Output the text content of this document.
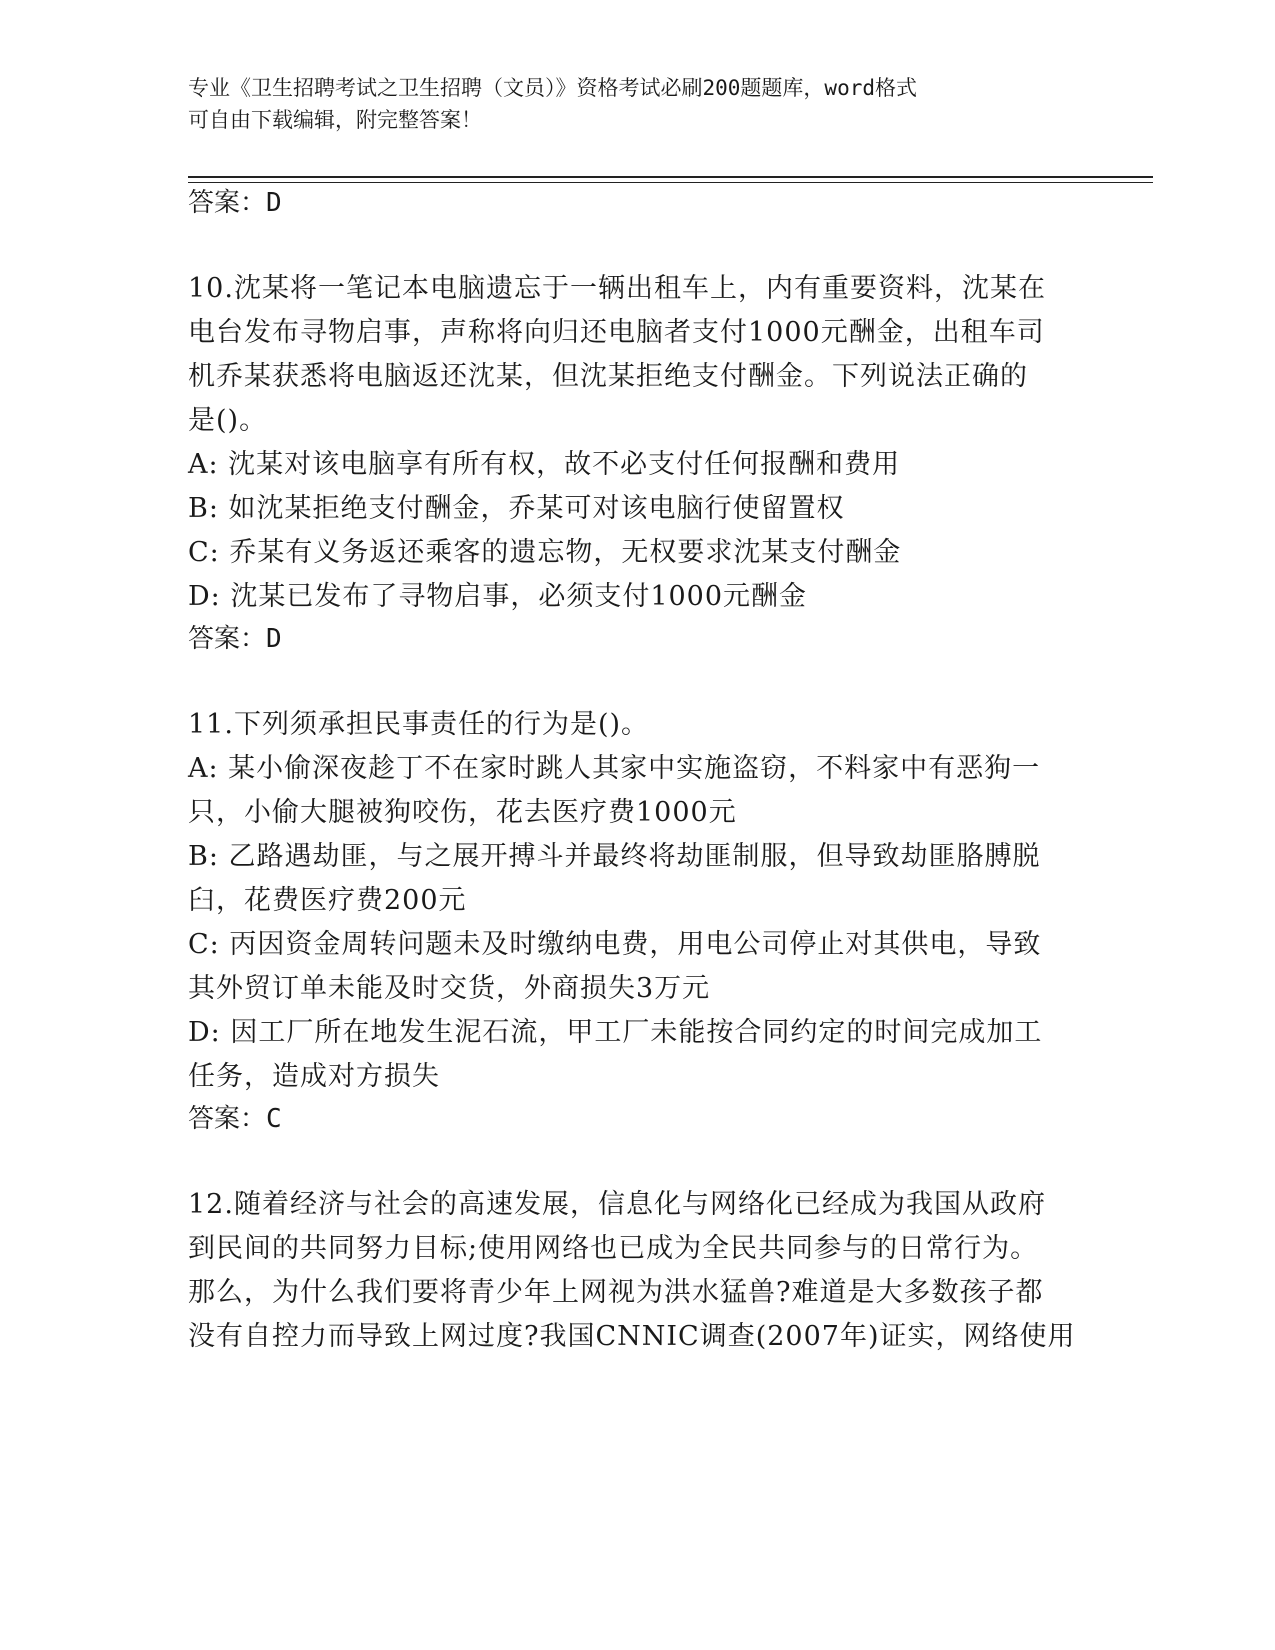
专业《卫生招聘考试之卫生招聘（文员）》资格考试必刷200题题库，word格式
可自由下载编辑，附完整答案！
答案：D
10.沈某将一笔记本电脑遗忘于一辆出租车上，内有重要资料，沈某在
电台发布寻物启事，声称将向归还电脑者支付1000元酬金，出租车司
机乔某获悉将电脑返还沈某，但沈某拒绝支付酬金。下列说法正确的
是()。
A: 沈某对该电脑享有所有权，故不必支付任何报酬和费用
B: 如沈某拒绝支付酬金，乔某可对该电脑行使留置权
C: 乔某有义务返还乘客的遗忘物，无权要求沈某支付酬金
D: 沈某已发布了寻物启事，必须支付1000元酬金
答案：D
11.下列须承担民事责任的行为是()。
A: 某小偷深夜趁丁不在家时跳人其家中实施盗窃，不料家中有恶狗一
只，小偷大腿被狗咬伤，花去医疗费1000元
B: 乙路遇劫匪，与之展开搏斗并最终将劫匪制服，但导致劫匪胳膊脱
臼，花费医疗费200元
C: 丙因资金周转问题未及时缴纳电费，用电公司停止对其供电，导致
其外贸订单未能及时交货，外商损失3万元
D: 因工厂所在地发生泥石流，甲工厂未能按合同约定的时间完成加工
任务，造成对方损失
答案：C
12.随着经济与社会的高速发展，信息化与网络化已经成为我国从政府
到民间的共同努力目标;使用网络也已成为全民共同参与的日常行为。
那么，为什么我们要将青少年上网视为洪水猛兽?难道是大多数孩子都
没有自控力而导致上网过度?我国CNNIC调查(2007年)证实，网络使用
